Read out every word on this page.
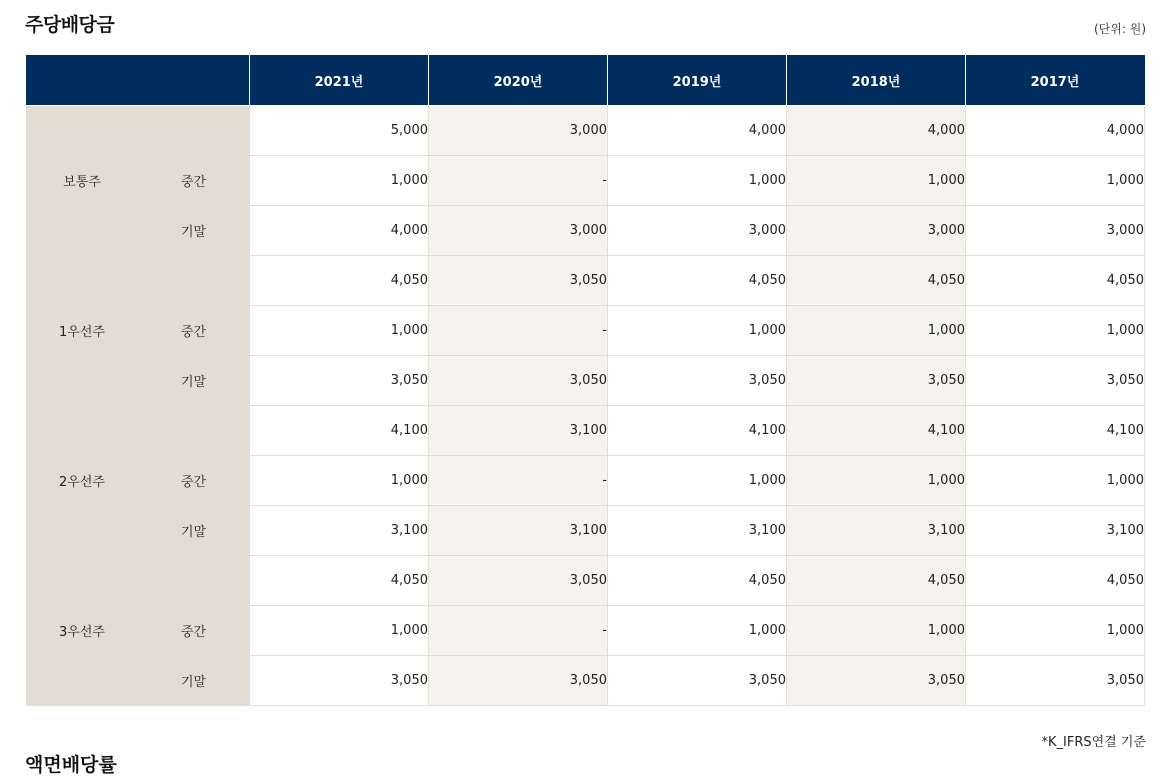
주당배당금	(단위: 원)
		2021년	2020년	2019년	2018년	2017년
보통주		5,000	3,000	4,000	4,000	4,000
	중간	1,000	-	1,000	1,000	1,000
	기말	4,000	3,000	3,000	3,000	3,000
1우선주		4,050	3,050	4,050	4,050	4,050
	중간	1,000	-	1,000	1,000	1,000
	기말	3,050	3,050	3,050	3,050	3,050
2우선주		4,100	3,100	4,100	4,100	4,100
	중간	1,000	-	1,000	1,000	1,000
	기말	3,100	3,100	3,100	3,100	3,100
3우선주		4,050	3,050	4,050	4,050	4,050
	중간	1,000	-	1,000	1,000	1,000
	기말	3,050	3,050	3,050	3,050	3,050
*K_IFRS연결 기준
액면배당률
